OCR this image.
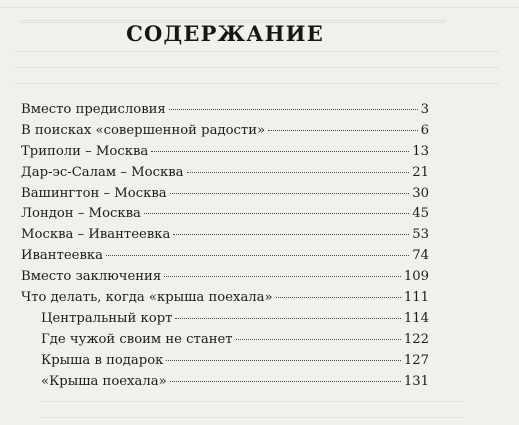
─────────────────────────────────────────────────────────────
══════════════════════════════════════════════════
─────────────────────────────────────────────────────────
─────────────────────────────────────────────────────────
─────────────────────────────────────────────────────────
──────────────────────────────────────────────────
──────────────────────────────────────────────────
СОДЕРЖАНИЕ
Вместо предисловия	3
В поисках «совершенной радости»	6
Триполи – Москва	13
Дар-эс-Салам – Москва	21
Вашингтон – Москва	30
Лондон – Москва	45
Москва – Ивантеевка	53
Ивантеевка	74
Вместо заключения	109
Что делать, когда «крыша поехала»	111
Центральный корт	114
Где чужой своим не станет	122
Крыша в подарок	127
«Крыша поехала»	131
